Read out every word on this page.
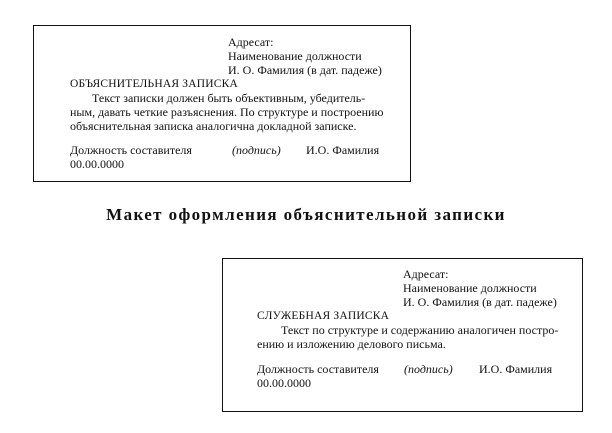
Адресат:
Наименование должности
И. О. Фамилия (в дат. падеже)
ОБЪЯСНИТЕЛЬНАЯ ЗАПИСКА
Текст записки должен быть объективным, убедитель-
ным, давать четкие разъяснения. По структуре и построению
объяснительная записка аналогична докладной записке.
Должность составителя	(подпись) И.О. Фамилия
00.00.0000
Макет оформления объяснительной записки
Адресат:
Наименование должности
И. О. Фамилия (в дат. падеже)
СЛУЖЕБНАЯ ЗАПИСКА
Текст по структуре и содержанию аналогичен постро-
ению и изложению делового письма.
Должность составителя (подпись) И.О. Фамилия
00.00.0000
